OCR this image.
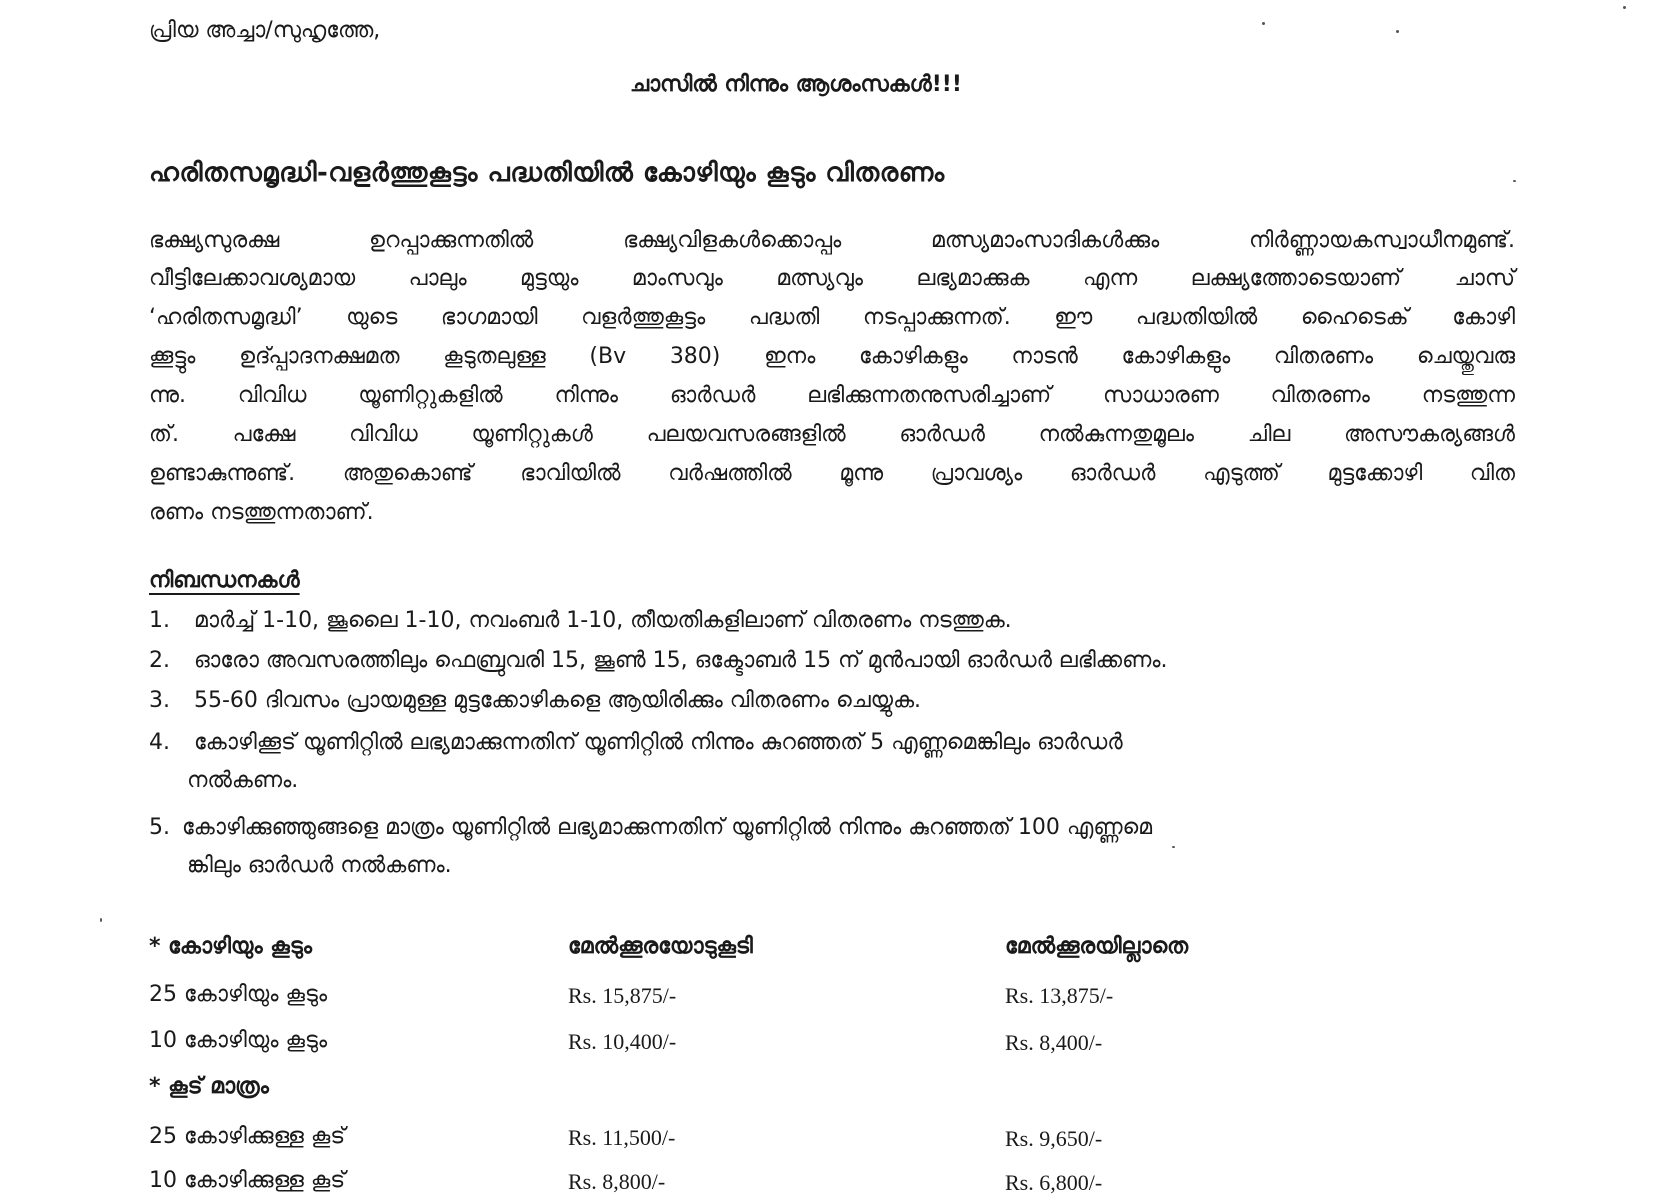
പ്രിയ അച്ചാ/സുഹൃത്തേ,
ചാസിൽ നിന്നും ആശംസകൾ!!!
ഹരിതസമൃദ്ധി-വളർത്തുകൂട്ടം പദ്ധതിയിൽ കോഴിയും കൂടും വിതരണം
ഭക്ഷ്യസുരക്ഷ ഉറപ്പാക്കുന്നതിൽ ഭക്ഷ്യവിളകൾക്കൊപ്പം മത്സ്യമാംസാദികൾക്കും നിർണ്ണായകസ്വാധീനമുണ്ട്.
വീട്ടിലേക്കാവശ്യമായ പാലും മുട്ടയും മാംസവും മത്സ്യവും ലഭ്യമാക്കുക എന്ന ലക്ഷ്യത്തോടെയാണ് ചാസ്
‘ഹരിതസമൃദ്ധി’ യുടെ ഭാഗമായി വളർത്തുകൂട്ടം പദ്ധതി നടപ്പാക്കുന്നത്. ഈ പദ്ധതിയിൽ ഹൈടെക് കോഴി
ക്കൂട്ടും ഉദ്പ്പാദനക്ഷമത കൂടുതലുള്ള (Bv 380) ഇനം കോഴികളും നാടൻ കോഴികളും വിതരണം ചെയ്തുവരു
ന്നു. വിവിധ യൂണിറ്റുകളിൽ നിന്നും ഓർഡർ ലഭിക്കുന്നതനുസരിച്ചാണ് സാധാരണ വിതരണം നടത്തുന്ന
ത്. പക്ഷേ വിവിധ യൂണിറ്റുകൾ പലയവസരങ്ങളിൽ ഓർഡർ നൽകുന്നതുമൂലം ചില അസൗകര്യങ്ങൾ
ഉണ്ടാകുന്നുണ്ട്. അതുകൊണ്ട് ഭാവിയിൽ വർഷത്തിൽ മൂന്നു പ്രാവശ്യം ഓർഡർ എടുത്ത് മുട്ടക്കോഴി വിത
രണം നടത്തുന്നതാണ്.
നിബന്ധനകൾ
1. മാർച്ച് 1-10, ജൂലൈ 1-10, നവംബർ 1-10, തീയതികളിലാണ് വിതരണം നടത്തുക.
2. ഓരോ അവസരത്തിലും ഫെബ്രുവരി 15, ജൂൺ 15, ഒക്ടോബർ 15 ന് മുൻപായി ഓർഡർ ലഭിക്കണം.
3. 55-60 ദിവസം പ്രായമുള്ള മുട്ടക്കോഴികളെ ആയിരിക്കും വിതരണം ചെയ്യുക.
4. കോഴിക്കൂട് യൂണിറ്റിൽ ലഭ്യമാക്കുന്നതിന് യൂണിറ്റിൽ നിന്നും കുറഞ്ഞത് 5 എണ്ണമെങ്കിലും ഓർഡർ
നൽകണം.
5. കോഴിക്കുഞ്ഞുങ്ങളെ മാത്രം യൂണിറ്റിൽ ലഭ്യമാക്കുന്നതിന് യൂണിറ്റിൽ നിന്നും കുറഞ്ഞത് 100 എണ്ണമെ
ങ്കിലും ഓർഡർ നൽകണം.
* കോഴിയും കൂടും	മേൽക്കൂരയോടുകൂടി	മേൽക്കൂരയില്ലാതെ
25 കോഴിയും കൂടും	Rs. 15,875/-	Rs. 13,875/-
10 കോഴിയും കൂടും	Rs. 10,400/-	Rs. 8,400/-
* കൂട് മാത്രം
25 കോഴിക്കുള്ള കൂട്	Rs. 11,500/-	Rs. 9,650/-
10 കോഴിക്കുള്ള കൂട്	Rs. 8,800/-	Rs. 6,800/-
